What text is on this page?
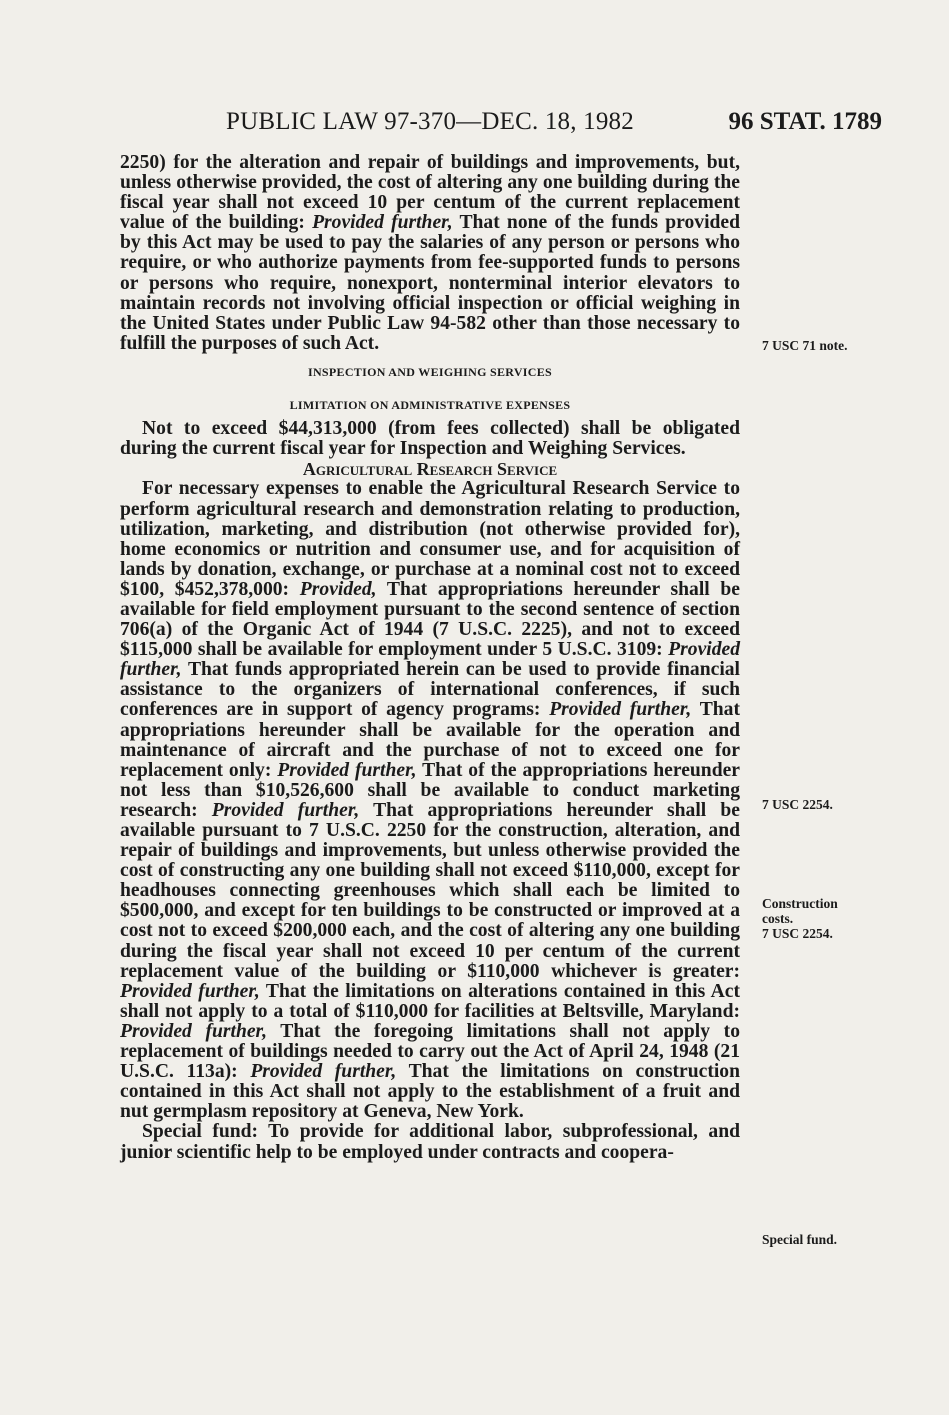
PUBLIC LAW 97-370—DEC. 18, 1982	96 STAT. 1789

2250) for the alteration and repair of buildings and improvements, but, unless otherwise provided, the cost of altering any one building during the fiscal year shall not exceed 10 per centum of the current replacement value of the building: Provided further, That none of the funds provided by this Act may be used to pay the salaries of any person or persons who require, or who authorize payments from fee-supported funds to persons or persons who require, nonexport, nonterminal interior elevators to maintain records not involving official inspection or official weighing in the United States under Public Law 94-582 other than those necessary to fulfill the purposes of such Act.

INSPECTION AND WEIGHING SERVICES

LIMITATION ON ADMINISTRATIVE EXPENSES

Not to exceed $44,313,000 (from fees collected) shall be obligated during the current fiscal year for Inspection and Weighing Services.

Agricultural Research Service

For necessary expenses to enable the Agricultural Research Service to perform agricultural research and demonstration relating to production, utilization, marketing, and distribution (not otherwise provided for), home economics or nutrition and consumer use, and for acquisition of lands by donation, exchange, or purchase at a nominal cost not to exceed $100, $452,378,000: Provided, That appropriations hereunder shall be available for field employment pursuant to the second sentence of section 706(a) of the Organic Act of 1944 (7 U.S.C. 2225), and not to exceed $115,000 shall be available for employment under 5 U.S.C. 3109: Provided further, That funds appropriated herein can be used to provide financial assistance to the organizers of international conferences, if such conferences are in support of agency programs: Provided further, That appropriations hereunder shall be available for the operation and maintenance of aircraft and the purchase of not to exceed one for replacement only: Provided further, That of the appropriations hereunder not less than $10,526,600 shall be available to conduct marketing research: Provided further, That appropriations hereunder shall be available pursuant to 7 U.S.C. 2250 for the construction, alteration, and repair of buildings and improvements, but unless otherwise provided the cost of constructing any one building shall not exceed $110,000, except for headhouses connecting greenhouses which shall each be limited to $500,000, and except for ten buildings to be constructed or improved at a cost not to exceed $200,000 each, and the cost of altering any one building during the fiscal year shall not exceed 10 per centum of the current replacement value of the building or $110,000 whichever is greater: Provided further, That the limitations on alterations contained in this Act shall not apply to a total of $110,000 for facilities at Beltsville, Maryland: Provided further, That the foregoing limitations shall not apply to replacement of buildings needed to carry out the Act of April 24, 1948 (21 U.S.C. 113a): Provided further, That the limitations on construction contained in this Act shall not apply to the establishment of a fruit and nut germplasm repository at Geneva, New York.

Special fund: To provide for additional labor, subprofessional, and junior scientific help to be employed under contracts and coopera-

7 USC 71 note.
7 USC 2254.
Construction costs.
7 USC 2254.
Special fund.
